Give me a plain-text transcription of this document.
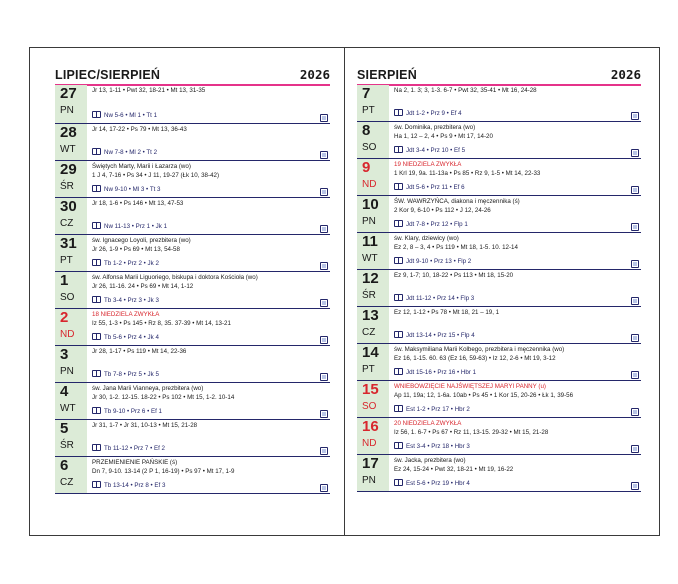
LIPIEC/SIERPIEŃ	2026
27
PN
Jr 13, 1-11 • Pwt 32, 18-21 • Mt 13, 31-35
Nw 5-6 • Ml 1 • Tt 1
28
WT
Jr 14, 17-22 • Ps 79 • Mt 13, 36-43
Nw 7-8 • Ml 2 • Tt 2
29
ŚR
Świętych Marty, Marii i Łazarza (wo)
1 J 4, 7-16 • Ps 34 • J 11, 19-27 (Łk 10, 38-42)
Nw 9-10 • Ml 3 • Tt 3
30
CZ
Jr 18, 1-6 • Ps 146 • Mt 13, 47-53
Nw 11-13 • Prz 1 • Jk 1
31
PT
św. Ignacego Loyoli, prezbitera (wo)
Jr 26, 1-9 • Ps 69 • Mt 13, 54-58
Tb 1-2 • Prz 2 • Jk 2
1
SO
św. Alfonsa Marii Liguoriego, biskupa i doktora Kościoła (wo)
Jr 26, 11-16. 24 • Ps 69 • Mt 14, 1-12
Tb 3-4 • Prz 3 • Jk 3
2
ND
18 NIEDZIELA ZWYKŁA
Iz 55, 1-3 • Ps 145 • Rz 8, 35. 37-39 • Mt 14, 13-21
Tb 5-6 • Prz 4 • Jk 4
3
PN
Jr 28, 1-17 • Ps 119 • Mt 14, 22-36
Tb 7-8 • Prz 5 • Jk 5
4
WT
św. Jana Marii Vianneya, prezbitera (wo)
Jr 30, 1-2. 12-15. 18-22 • Ps 102 • Mt 15, 1-2. 10-14
Tb 9-10 • Prz 6 • Ef 1
5
ŚR
Jr 31, 1-7 • Jr 31, 10-13 • Mt 15, 21-28
Tb 11-12 • Prz 7 • Ef 2
6
CZ
PRZEMIENIENIE PAŃSKIE (ś)
Dn 7, 9-10. 13-14 (2 P 1, 16-19) • Ps 97 • Mt 17, 1-9
Tb 13-14 • Prz 8 • Ef 3
SIERPIEŃ	2026
7
PT
Na 2, 1. 3; 3, 1-3. 6-7 • Pwt 32, 35-41 • Mt 16, 24-28
Jdt 1-2 • Prz 9 • Ef 4
8
SO
św. Dominika, prezbitera (wo)
Ha 1, 12 – 2, 4 • Ps 9 • Mt 17, 14-20
Jdt 3-4 • Prz 10 • Ef 5
9
ND
19 NIEDZIELA ZWYKŁA
1 Krl 19, 9a. 11-13a • Ps 85 • Rz 9, 1-5 • Mt 14, 22-33
Jdt 5-6 • Prz 11 • Ef 6
10
PN
ŚW. WAWRZYŃCA, diakona i męczennika (ś)
2 Kor 9, 6-10 • Ps 112 • J 12, 24-26
Jdt 7-8 • Prz 12 • Flp 1
11
WT
św. Klary, dziewicy (wo)
Ez 2, 8 – 3, 4 • Ps 119 • Mt 18, 1-5. 10. 12-14
Jdt 9-10 • Prz 13 • Flp 2
12
ŚR
Ez 9, 1-7; 10, 18-22 • Ps 113 • Mt 18, 15-20
Jdt 11-12 • Prz 14 • Flp 3
13
CZ
Ez 12, 1-12 • Ps 78 • Mt 18, 21 – 19, 1
Jdt 13-14 • Prz 15 • Flp 4
14
PT
św. Maksymiliana Marii Kolbego, prezbitera i męczennika (wo)
Ez 16, 1-15. 60. 63 (Ez 16, 59-63) • Iz 12, 2-6 • Mt 19, 3-12
Jdt 15-16 • Prz 16 • Hbr 1
15
SO
WNIEBOWZIĘCIE NAJŚWIĘTSZEJ MARYI PANNY (u)
Ap 11, 19a; 12, 1-6a. 10ab • Ps 45 • 1 Kor 15, 20-26 • Łk 1, 39-56
Est 1-2 • Prz 17 • Hbr 2
16
ND
20 NIEDZIELA ZWYKŁA
Iz 56, 1. 6-7 • Ps 67 • Rz 11, 13-15. 29-32 • Mt 15, 21-28
Est 3-4 • Prz 18 • Hbr 3
17
PN
św. Jacka, prezbitera (wo)
Ez 24, 15-24 • Pwt 32, 18-21 • Mt 19, 16-22
Est 5-6 • Prz 19 • Hbr 4
